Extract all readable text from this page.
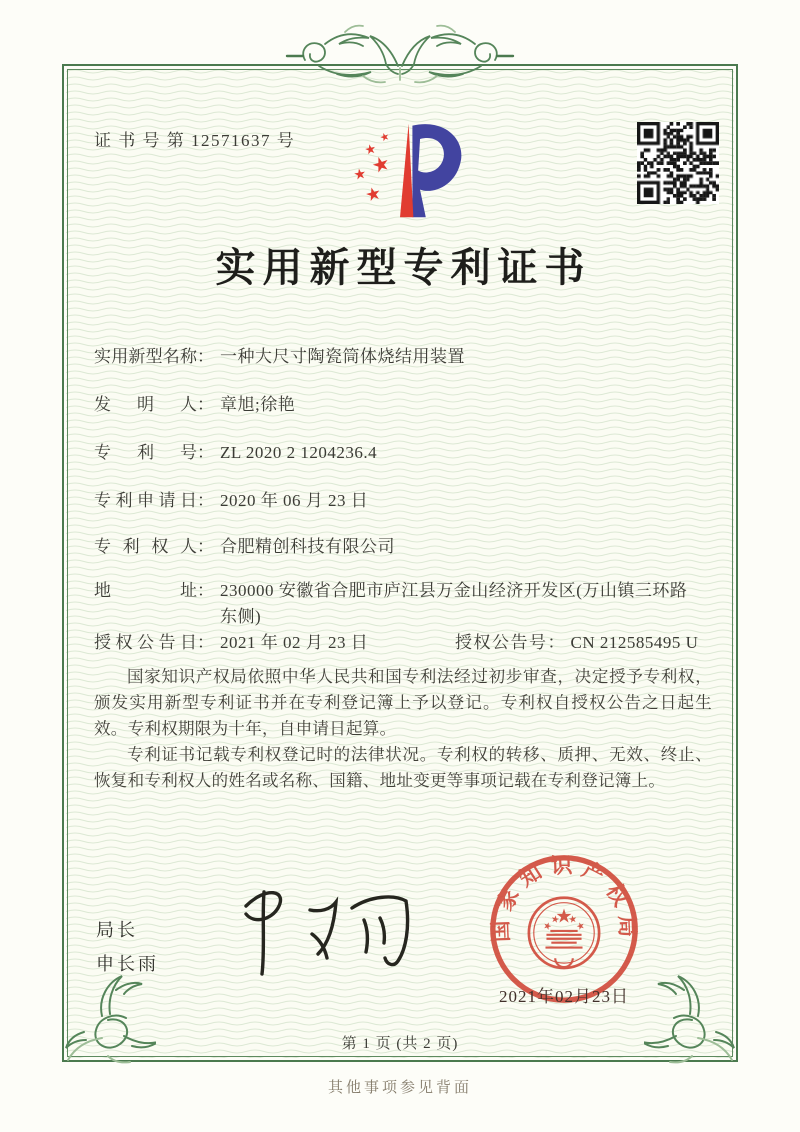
证 书 号 第 12571637 号
实用新型专利证书
实用新型名称 ： 一种大尺寸陶瓷筒体烧结用装置
发明人 ： 章旭;徐艳
专利号 ： ZL 2020 2 1204236.4
专利申请日 ： 2020 年 06 月 23 日
专利权人 ： 合肥精创科技有限公司
地址 ： 230000 安徽省合肥市庐江县万金山经济开发区(万山镇三环路东侧)
授权公告日 ： 2021 年 02 月 23 日	授权公告号 ： CN 212585495 U

国家知识产权局依照中华人民共和国专利法经过初步审查，决定授予专利权，颁发实用新型专利证书并在专利登记簿上予以登记。专利权自授权公告之日起生效。专利权期限为十年，自申请日起算。

专利证书记载专利权登记时的法律状况。专利权的转移、质押、无效、终止、恢复和专利权人的姓名或名称、国籍、地址变更等事项记载在专利登记簿上。

局长
申长雨
国家知识产权局
2021年02月23日
第 1 页 (共 2 页)
其他事项参见背面
